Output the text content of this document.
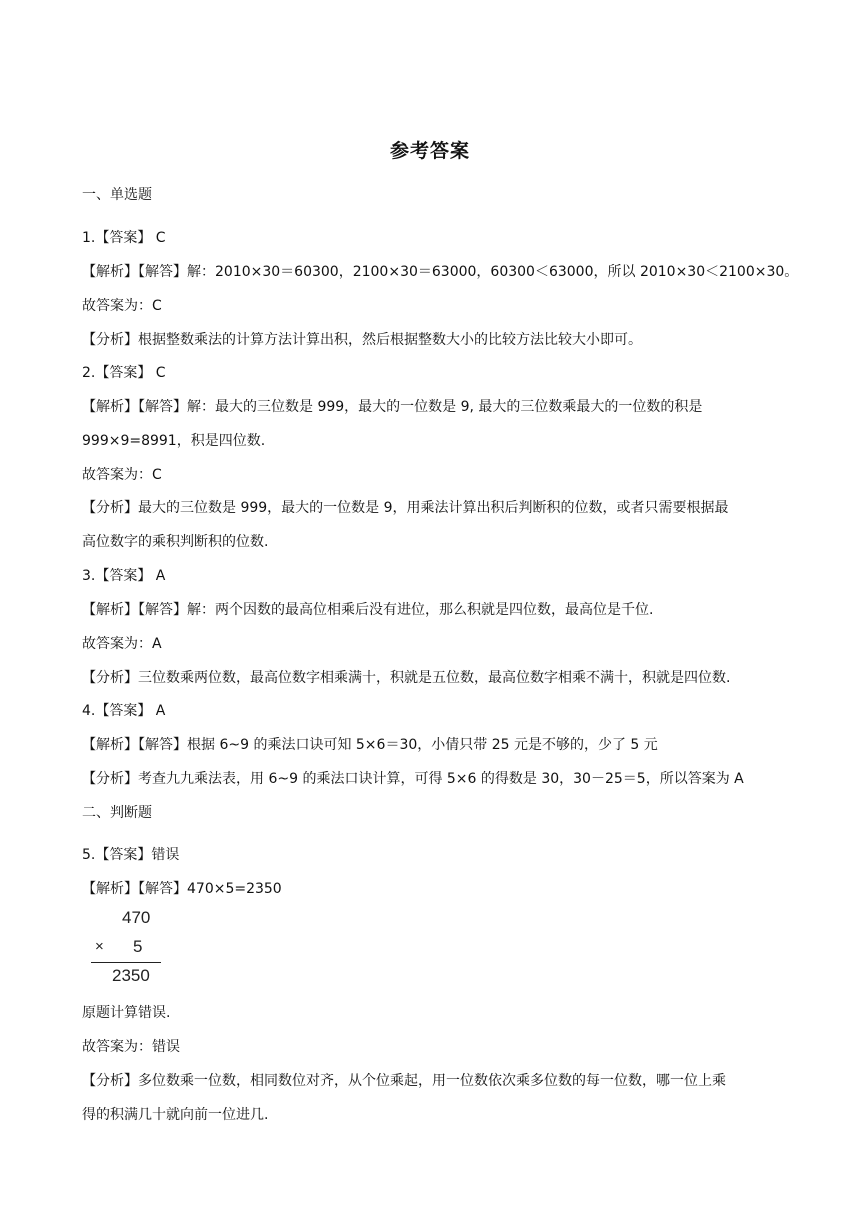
参考答案
一、单选题
1.【答案】 C
【解析】【解答】解：2010×30＝60300，2100×30＝63000，60300＜63000，所以 2010×30＜2100×30。
故答案为：C
【分析】根据整数乘法的计算方法计算出积，然后根据整数大小的比较方法比较大小即可。
2.【答案】 C
【解析】【解答】解：最大的三位数是 999，最大的一位数是 9, 最大的三位数乘最大的一位数的积是
999×9=8991，积是四位数.
故答案为：C
【分析】最大的三位数是 999，最大的一位数是 9，用乘法计算出积后判断积的位数，或者只需要根据最
高位数字的乘积判断积的位数.
3.【答案】 A
【解析】【解答】解：两个因数的最高位相乘后没有进位，那么积就是四位数，最高位是千位.
故答案为：A
【分析】三位数乘两位数，最高位数字相乘满十，积就是五位数，最高位数字相乘不满十，积就是四位数.
4.【答案】 A
【解析】【解答】根据 6~9 的乘法口诀可知 5×6＝30，小倩只带 25 元是不够的，少了 5 元
【分析】考查九九乘法表，用 6~9 的乘法口诀计算，可得 5×6 的得数是 30，30－25＝5，所以答案为 A
二、判断题
5.【答案】错误
【解析】【解答】470×5=2350
470
× 5
2350
原题计算错误.
故答案为：错误
【分析】多位数乘一位数，相同数位对齐，从个位乘起，用一位数依次乘多位数的每一位数，哪一位上乘
得的积满几十就向前一位进几.
